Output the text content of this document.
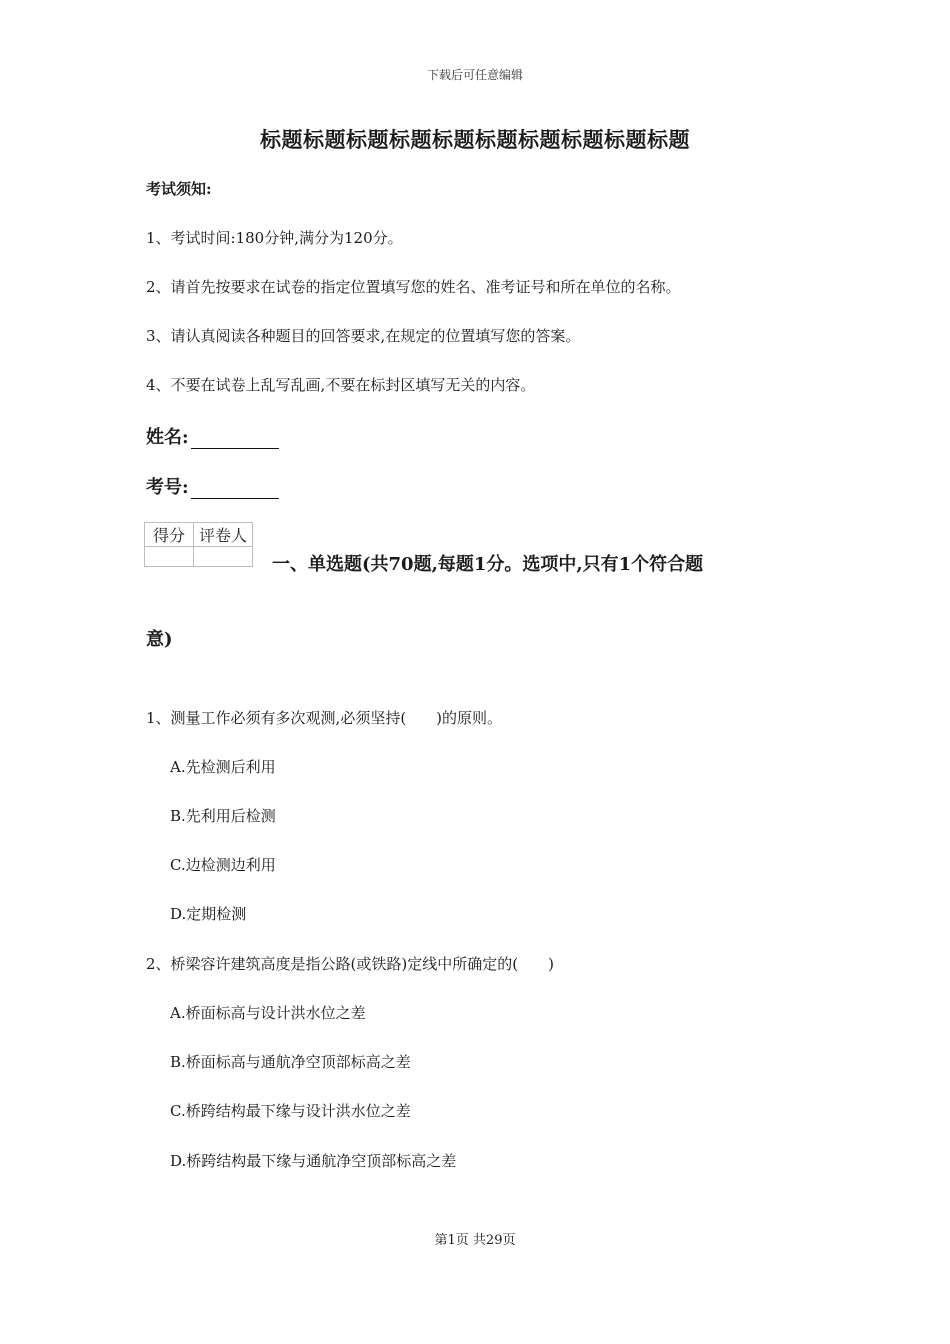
下载后可任意编辑
标题标题标题标题标题标题标题标题标题标题
考试须知:
1、考试时间:180分钟,满分为120分。
2、请首先按要求在试卷的指定位置填写您的姓名、准考证号和所在单位的名称。
3、请认真阅读各种题目的回答要求,在规定的位置填写您的答案。
4、不要在试卷上乱写乱画,不要在标封区填写无关的内容。
姓名:
考号:
得分	评卷人

一、单选题(共70题,每题1分。选项中,只有1个符合题
意)
1、测量工作必须有多次观测,必须坚持(　　)的原则。
A.先检测后利用
B.先利用后检测
C.边检测边利用
D.定期检测
2、桥梁容许建筑高度是指公路(或铁路)定线中所确定的(　　)
A.桥面标高与设计洪水位之差
B.桥面标高与通航净空顶部标高之差
C.桥跨结构最下缘与设计洪水位之差
D.桥跨结构最下缘与通航净空顶部标高之差
第1页 共29页
